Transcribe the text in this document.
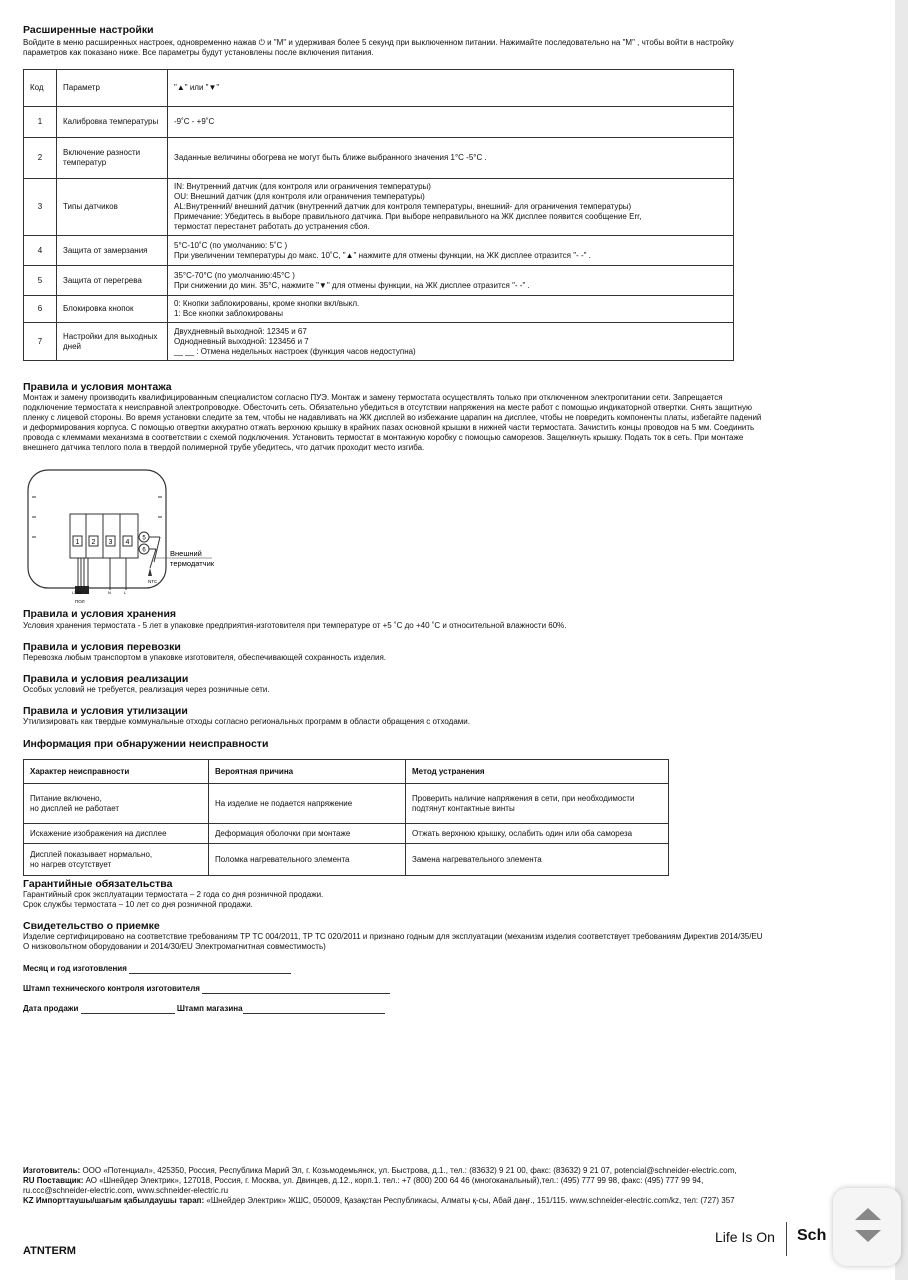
Расширенные настройки
Войдите в меню расширенных настроек, одновременно нажав ⏻ и "М" и удерживая более 5 секунд при выключенном питании. Нажимайте последовательно на "М" , чтобы войти в настройку
параметров как показано ниже. Все параметры будут установлены после включения питания.
Код	Параметр	"▲" или "▼"
1	Калибровка температуры	-9˚C - +9˚C
2	Включение разности температур	Заданные величины обогрева не могут быть ближе выбранного значения 1°C -5°C .
3	Типы датчиков	IN: Внутренний датчик (для контроля или ограничения температуры)
OU: Внешний датчик (для контроля или ограничения температуры)
AL:Внутренний/ внешний датчик (внутренний датчик для контроля температуры, внешний- для ограничения температуры)
Примечание: Убедитесь в выборе правильного датчика. При выборе неправильного на ЖК дисплее появится сообщение Err,
термостат перестанет работать до устранения сбоя.
4	Защита от замерзания	5°C-10˚C (по умолчанию: 5˚C )
При увеличении температуры до макс. 10˚C, "▲" нажмите для отмены функции, на ЖК дисплее отразится "- -" .
5	Защита от перегрева	35°C-70°C (по умолчанию:45°C )
При снижении до мин. 35°C, нажмите "▼" для отмены функции, на ЖК дисплее отразится "- -" .
6	Блокировка кнопок	0: Кнопки заблокированы, кроме кнопки вкл/выкл.
1: Все кнопки заблокированы
7	Настройки для выходных дней	Двухдневный выходной: 12345 и 67
Однодневный выходной: 123456 и 7
__ __ : Отмена недельных настроек (функция часов недоступна)
Правила и условия монтажа
Монтаж и замену производить квалифицированным специалистом согласно ПУЭ. Монтаж и замену термостата осуществлять только при отключенном электропитании сети. Запрещается
подключение термостата к неисправной электропроводке. Обесточить сеть. Обязательно убедиться в отсутствии напряжения на месте работ с помощью индикаторной отвертки. Снять защитную
пленку с лицевой стороны. Во время установки следите за тем, чтобы не надавливать на ЖК дисплей во избежание царапин на дисплее, чтобы не повредить компоненты платы, избегайте падений
и деформирования корпуса. С помощью отвертки аккуратно отжать верхнюю крышку в крайних пазах основной крышки в нижней части термостата. Зачистить концы проводов на 5 мм. Соединить
провода с клеммами механизма в соответствии с схемой подключения. Установить термостат в монтажную коробку с помощью саморезов. Защелкнуть крышку. Подать ток в сеть. При монтаже
внешнего датчика теплого пола в твердой полимерной трубе убедитесь, что датчик проходит место изгиба.
1 2 3 4
5
6
NTC
Внешний
термодатчик
L1 N1	N	L
ПОЛ
Правила и условия хранения
Условия хранения термостата - 5 лет в упаковке предприятия-изготовителя при температуре от +5 ˚C до +40 ˚C и относительной влажности 60%.
Правила и условия перевозки
Перевозка любым транспортом в упаковке изготовителя, обеспечивающей сохранность изделия.
Правила и условия реализации
Особых условий не требуется, реализация через розничные сети.
Правила и условия утилизации
Утилизировать как твердые коммунальные отходы согласно региональных программ в области обращения с отходами.
Информация при обнаружении неисправности
Характер неисправности	Вероятная причина	Метод устранения
Питание включено,
но дисплей не работает	На изделие не подается напряжение	Проверить наличие напряжения в сети, при необходимости
подтянут контактные винты
Искажение изображения на дисплее	Деформация оболочки при монтаже	Отжать верхнюю крышку, ослабить один или оба самореза
Дисплей показывает нормально,
но нагрев отсутствует	Поломка нагревательного элемента	Замена нагревательного элемента
Гарантийные обязательства
Гарантийный срок эксплуатации термостата – 2 года со дня розничной продажи.
Срок службы термостата – 10 лет со дня розничной продажи.
Свидетельство о приемке
Изделие сертифицировано на соответствие требованиям ТР ТС 004/2011, ТР ТС 020/2011 и признано годным для эксплуатации (механизм изделия соответствует требованиям Директив 2014/35/EU
О низковольтном оборудовании и 2014/30/EU Электромагнитная совместимость)
Месяц и год изготовления
Штамп технического контроля изготовителя
Дата продажи	Штамп магазина
Изготовитель: ООО «Потенциал», 425350, Россия, Республика Марий Эл, г. Козьмодемьянск, ул. Быстрова, д.1., тел.: (83632) 9 21 00, факс: (83632) 9 21 07, potencial@schneider-electric.com,
RU Поставщик: АО «Шнейдер Электрик», 127018, Россия, г. Москва, ул. Двинцев, д.12., корп.1. тел.: +7 (800) 200 64 46 (многоканальный),тел.: (495) 777 99 98, факс: (495) 777 99 94,
ru.ccc@schneider-electric.com, www.schneider-electric.ru
KZ Импорттаушы/шағым қабылдаушы тарап: «Шнейдер Электрик» ЖШС, 050009, Қазақстан Республикасы, Алматы қ-сы, Абай даңғ., 151/115. www.schneider-electric.com/kz, тел: (727) 357
ATNTERM
Life Is On Sch
